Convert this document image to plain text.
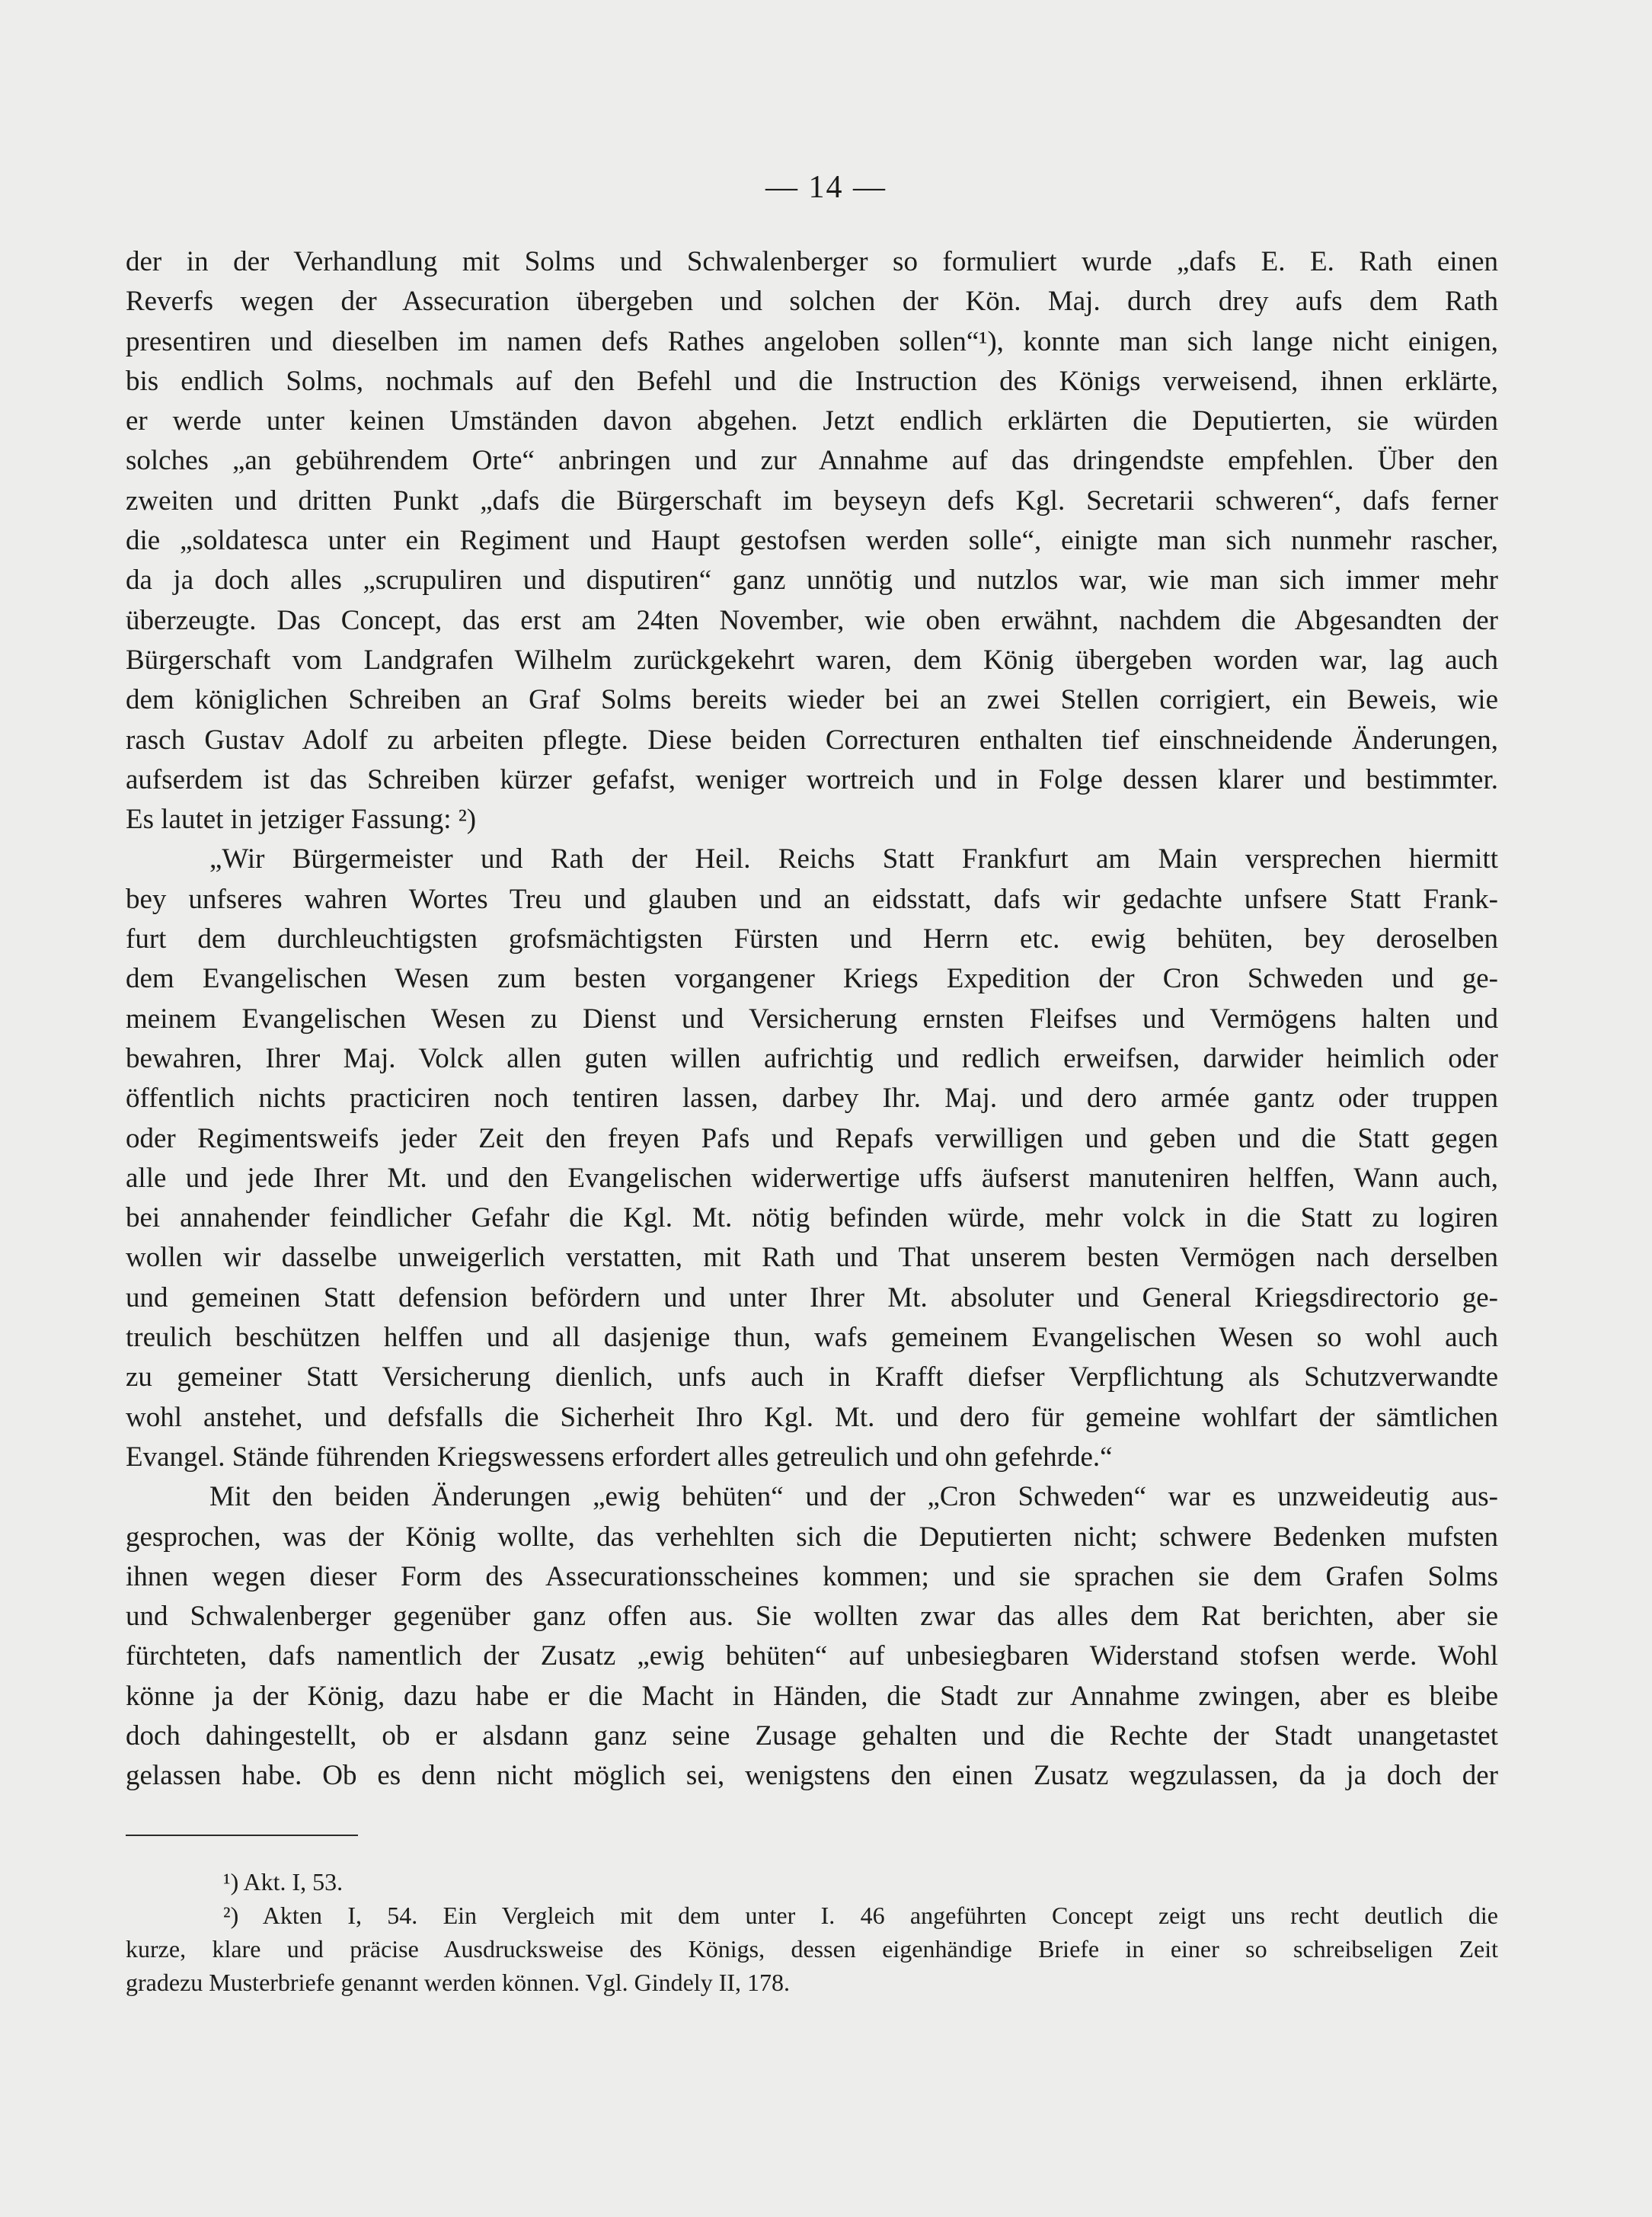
— 14 —
der in der Verhandlung mit Solms und Schwalenberger so formuliert wurde „dafs E. E. Rath einen
Reverfs wegen der Assecuration übergeben und solchen der Kön. Maj. durch drey aufs dem Rath
presentiren und dieselben im namen defs Rathes angeloben sollen“¹), konnte man sich lange nicht einigen,
bis endlich Solms, nochmals auf den Befehl und die Instruction des Königs verweisend, ihnen erklärte,
er werde unter keinen Umständen davon abgehen. Jetzt endlich erklärten die Deputierten, sie würden
solches „an gebührendem Orte“ anbringen und zur Annahme auf das dringendste empfehlen. Über den
zweiten und dritten Punkt „dafs die Bürgerschaft im beyseyn defs Kgl. Secretarii schweren“, dafs ferner
die „soldatesca unter ein Regiment und Haupt gestofsen werden solle“, einigte man sich nunmehr rascher,
da ja doch alles „scrupuliren und disputiren“ ganz unnötig und nutzlos war, wie man sich immer mehr
überzeugte. Das Concept, das erst am 24ten November, wie oben erwähnt, nachdem die Abgesandten der
Bürgerschaft vom Landgrafen Wilhelm zurückgekehrt waren, dem König übergeben worden war, lag auch
dem königlichen Schreiben an Graf Solms bereits wieder bei an zwei Stellen corrigiert, ein Beweis, wie
rasch Gustav Adolf zu arbeiten pflegte. Diese beiden Correcturen enthalten tief einschneidende Änderungen,
aufserdem ist das Schreiben kürzer gefafst, weniger wortreich und in Folge dessen klarer und bestimmter.
Es lautet in jetziger Fassung: ²)
„Wir Bürgermeister und Rath der Heil. Reichs Statt Frankfurt am Main versprechen hiermitt
bey unfseres wahren Wortes Treu und glauben und an eidsstatt, dafs wir gedachte unfsere Statt Frank-
furt dem durchleuchtigsten grofsmächtigsten Fürsten und Herrn etc. ewig behüten, bey deroselben
dem Evangelischen Wesen zum besten vorgangener Kriegs Expedition der Cron Schweden und ge-
meinem Evangelischen Wesen zu Dienst und Versicherung ernsten Fleifses und Vermögens halten und
bewahren, Ihrer Maj. Volck allen guten willen aufrichtig und redlich erweifsen, darwider heimlich oder
öffentlich nichts practiciren noch tentiren lassen, darbey Ihr. Maj. und dero armée gantz oder truppen
oder Regimentsweifs jeder Zeit den freyen Pafs und Repafs verwilligen und geben und die Statt gegen
alle und jede Ihrer Mt. und den Evangelischen widerwertige uffs äufserst manuteniren helffen, Wann auch,
bei annahender feindlicher Gefahr die Kgl. Mt. nötig befinden würde, mehr volck in die Statt zu logiren
wollen wir dasselbe unweigerlich verstatten, mit Rath und That unserem besten Vermögen nach derselben
und gemeinen Statt defension befördern und unter Ihrer Mt. absoluter und General Kriegsdirectorio ge-
treulich beschützen helffen und all dasjenige thun, wafs gemeinem Evangelischen Wesen so wohl auch
zu gemeiner Statt Versicherung dienlich, unfs auch in Krafft diefser Verpflichtung als Schutzverwandte
wohl anstehet, und defsfalls die Sicherheit Ihro Kgl. Mt. und dero für gemeine wohlfart der sämtlichen
Evangel. Stände führenden Kriegswessens erfordert alles getreulich und ohn gefehrde.“
Mit den beiden Änderungen „ewig behüten“ und der „Cron Schweden“ war es unzweideutig aus-
gesprochen, was der König wollte, das verhehlten sich die Deputierten nicht; schwere Bedenken mufsten
ihnen wegen dieser Form des Assecurationsscheines kommen; und sie sprachen sie dem Grafen Solms
und Schwalenberger gegenüber ganz offen aus. Sie wollten zwar das alles dem Rat berichten, aber sie
fürchteten, dafs namentlich der Zusatz „ewig behüten“ auf unbesiegbaren Widerstand stofsen werde. Wohl
könne ja der König, dazu habe er die Macht in Händen, die Stadt zur Annahme zwingen, aber es bleibe
doch dahingestellt, ob er alsdann ganz seine Zusage gehalten und die Rechte der Stadt unangetastet
gelassen habe. Ob es denn nicht möglich sei, wenigstens den einen Zusatz wegzulassen, da ja doch der
¹) Akt. I, 53.
²) Akten I, 54. Ein Vergleich mit dem unter I. 46 angeführten Concept zeigt uns recht deutlich die
kurze, klare und präcise Ausdrucksweise des Königs, dessen eigenhändige Briefe in einer so schreibseligen Zeit
gradezu Musterbriefe genannt werden können. Vgl. Gindely II, 178.
